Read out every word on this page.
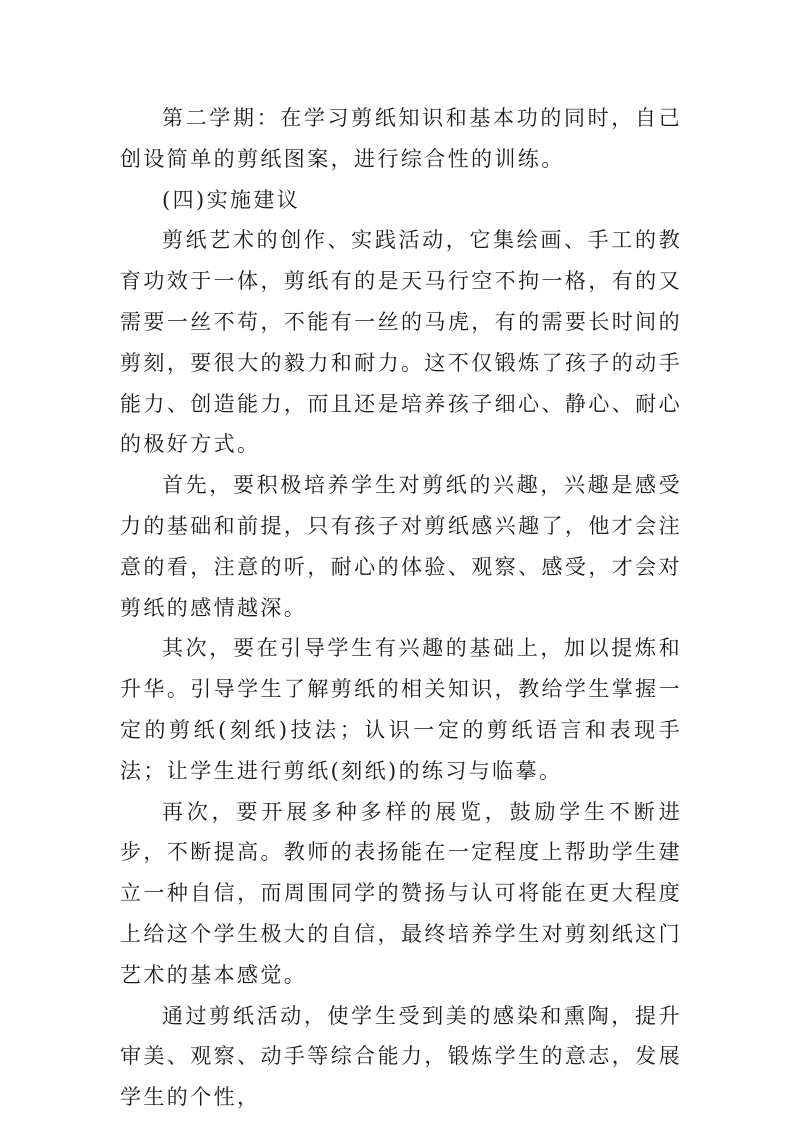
第二学期：在学习剪纸知识和基本功的同时，自己创设简单的剪纸图案，进行综合性的训练。

(四)实施建议

剪纸艺术的创作、实践活动，它集绘画、手工的教育功效于一体，剪纸有的是天马行空不拘一格，有的又需要一丝不苟，不能有一丝的马虎，有的需要长时间的剪刻，要很大的毅力和耐力。这不仅锻炼了孩子的动手能力、创造能力，而且还是培养孩子细心、静心、耐心的极好方式。

首先，要积极培养学生对剪纸的兴趣，兴趣是感受力的基础和前提，只有孩子对剪纸感兴趣了，他才会注意的看，注意的听，耐心的体验、观察、感受，才会对剪纸的感情越深。

其次，要在引导学生有兴趣的基础上，加以提炼和升华。引导学生了解剪纸的相关知识，教给学生掌握一定的剪纸(刻纸)技法；认识一定的剪纸语言和表现手法；让学生进行剪纸(刻纸)的练习与临摹。

再次，要开展多种多样的展览，鼓励学生不断进步，不断提高。教师的表扬能在一定程度上帮助学生建立一种自信，而周围同学的赞扬与认可将能在更大程度上给这个学生极大的自信，最终培养学生对剪刻纸这门艺术的基本感觉。

通过剪纸活动，使学生受到美的感染和熏陶，提升审美、观察、动手等综合能力，锻炼学生的意志，发展学生的个性，
